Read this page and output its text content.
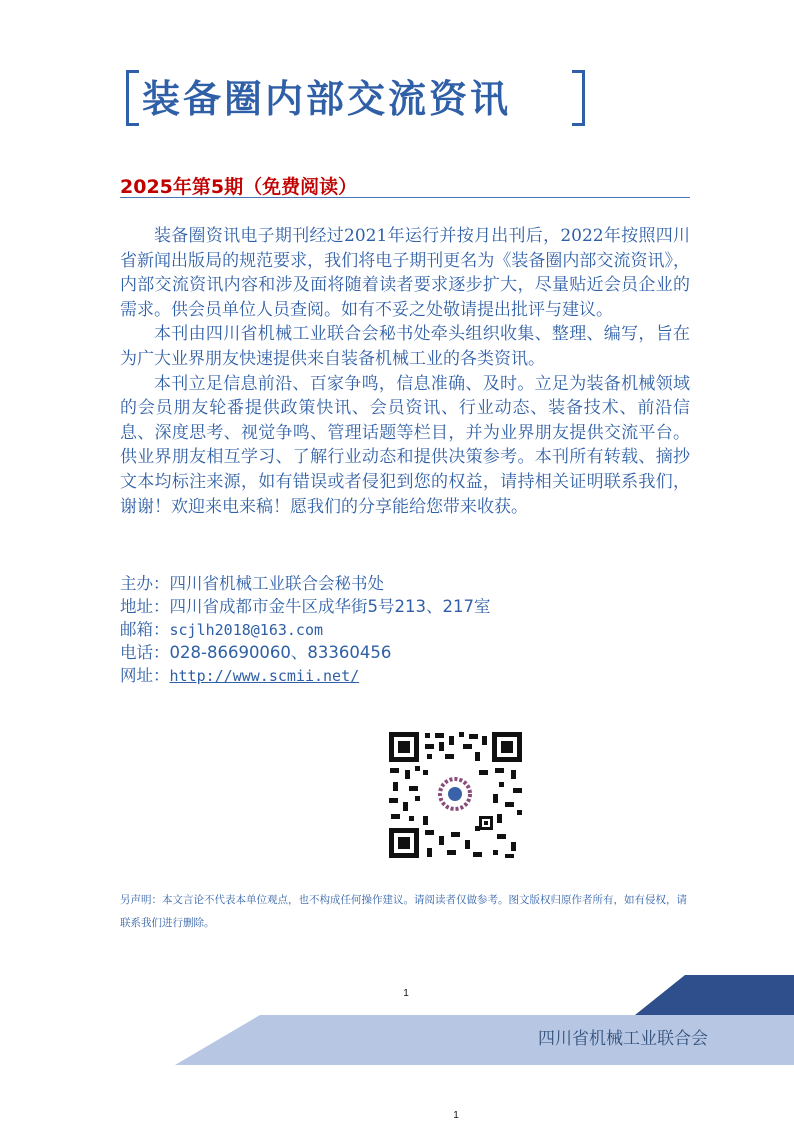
装备圈内部交流资讯
2025年第5期（免费阅读）

装备圈资讯电子期刊经过2021年运行并按月出刊后，2022年按照四川省新闻出版局的规范要求，我们将电子期刊更名为《装备圈内部交流资讯》，内部交流资讯内容和涉及面将随着读者要求逐步扩大，尽量贴近会员企业的需求。供会员单位人员查阅。如有不妥之处敬请提出批评与建议。

本刊由四川省机械工业联合会秘书处牵头组织收集、整理、编写，旨在为广大业界朋友快速提供来自装备机械工业的各类资讯。

本刊立足信息前沿、百家争鸣，信息准确、及时。立足为装备机械领域的会员朋友轮番提供政策快讯、会员资讯、行业动态、装备技术、前沿信息、深度思考、视觉争鸣、管理话题等栏目，并为业界朋友提供交流平台。供业界朋友相互学习、了解行业动态和提供决策参考。本刊所有转载、摘抄文本均标注来源，如有错误或者侵犯到您的权益，请持相关证明联系我们，谢谢！欢迎来电来稿！愿我们的分享能给您带来收获。

主办：四川省机械工业联合会秘书处
地址：四川省成都市金牛区成华街5号213、217室
邮箱：scjlh2018@163.com
电话：028-86690060、83360456
网址：http://www.scmii.net/
另声明：本文言论不代表本单位观点，也不构成任何操作建议。请阅读者仅做参考。图文版权归原作者所有，如有侵权，请联系我们进行删除。
1
四川省机械工业联合会
1
